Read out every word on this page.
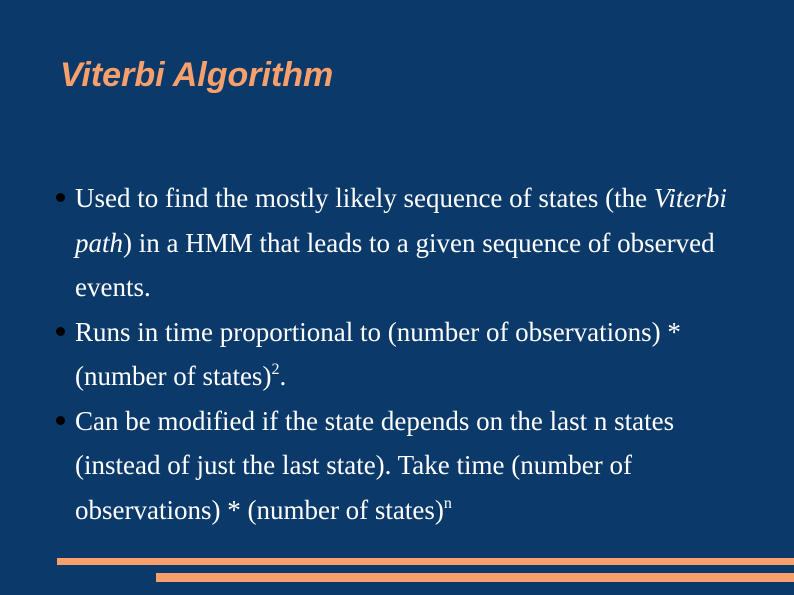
Viterbi Algorithm
Used to find the mostly likely sequence of states (the Viterbi path) in a HMM that leads to a given sequence of observed events.
Runs in time proportional to (number of observations) * (number of states)$^2$.
Can be modified if the state depends on the last n states (instead of just the last state). Take time (number of observations) * (number of states)$^n$
